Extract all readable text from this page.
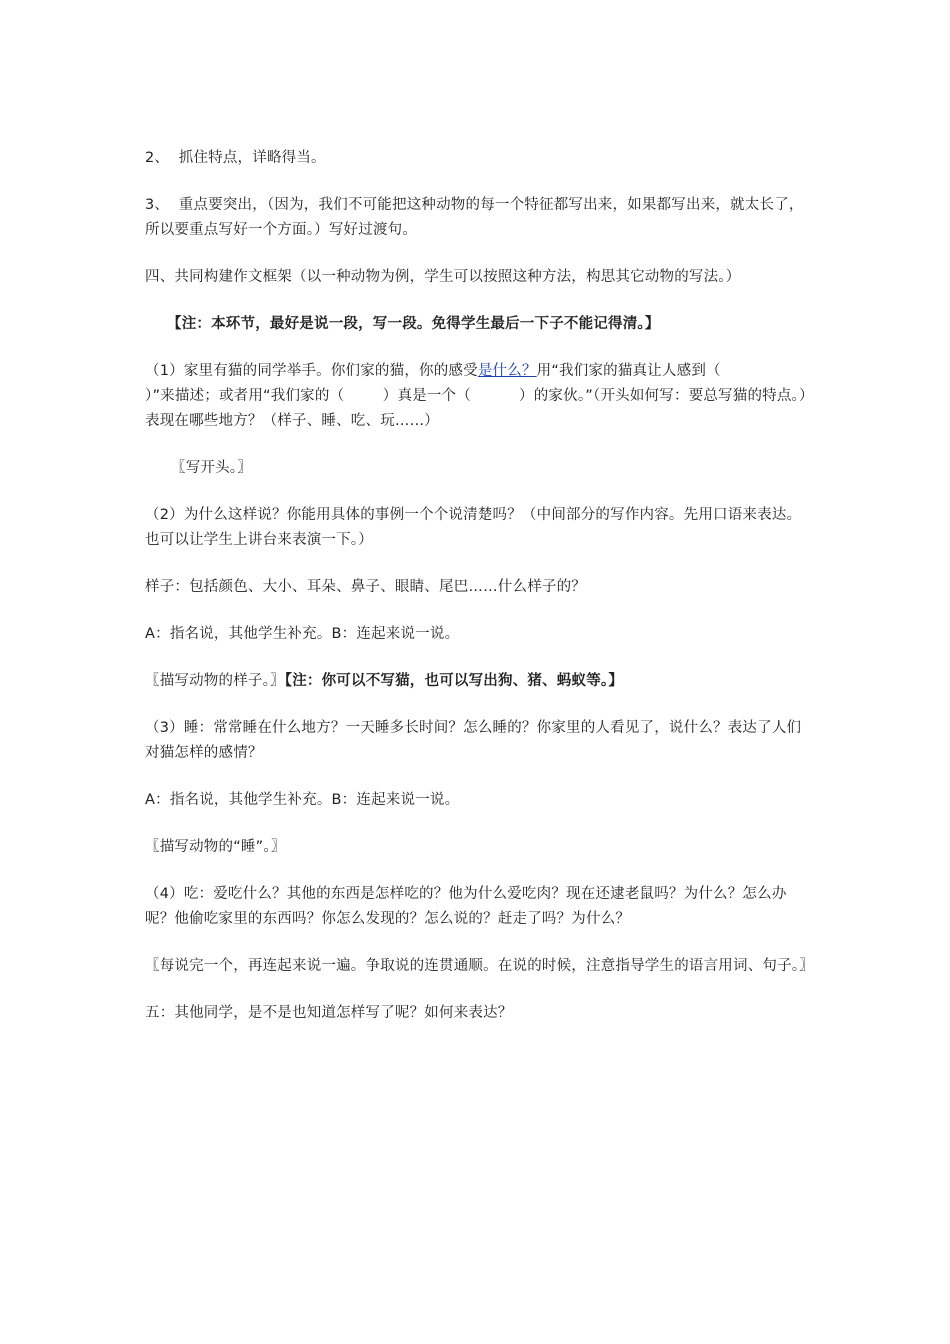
2、  抓住特点，详略得当。

3、  重点要突出，（因为，我们不可能把这种动物的每一个特征都写出来，如果都写出来，就太长了，所以要重点写好一个方面。）写好过渡句。

四、共同构建作文框架（以一种动物为例，学生可以按照这种方法，构思其它动物的写法。）

【注：本环节，最好是说一段，写一段。免得学生最后一下子不能记得清。】

（1）家里有猫的同学举手。你们家的猫，你的感受是什么？用“我们家的猫真让人感到（                    ）”来描述；或者用“我们家的（        ）真是一个（          ）的家伙。”（开头如何写：要总写猫的特点。）表现在哪些地方？（样子、睡、吃、玩……）

〖写开头。〗

（2）为什么这样说？你能用具体的事例一个个说清楚吗？（中间部分的写作内容。先用口语来表达。也可以让学生上讲台来表演一下。）

样子：包括颜色、大小、耳朵、鼻子、眼睛、尾巴……什么样子的？

A：指名说，其他学生补充。B：连起来说一说。

〖描写动物的样子。〗【注：你可以不写猫，也可以写出狗、猪、蚂蚁等。】

（3）睡：常常睡在什么地方？一天睡多长时间？怎么睡的？你家里的人看见了，说什么？表达了人们对猫怎样的感情？

A：指名说，其他学生补充。B：连起来说一说。

〖描写动物的“睡”。〗

（4）吃：爱吃什么？其他的东西是怎样吃的？他为什么爱吃肉？现在还逮老鼠吗？为什么？怎么办呢？他偷吃家里的东西吗？你怎么发现的？怎么说的？赶走了吗？为什么？

〖每说完一个，再连起来说一遍。争取说的连贯通顺。在说的时候，注意指导学生的语言用词、句子。〗

五：其他同学，是不是也知道怎样写了呢？如何来表达？
